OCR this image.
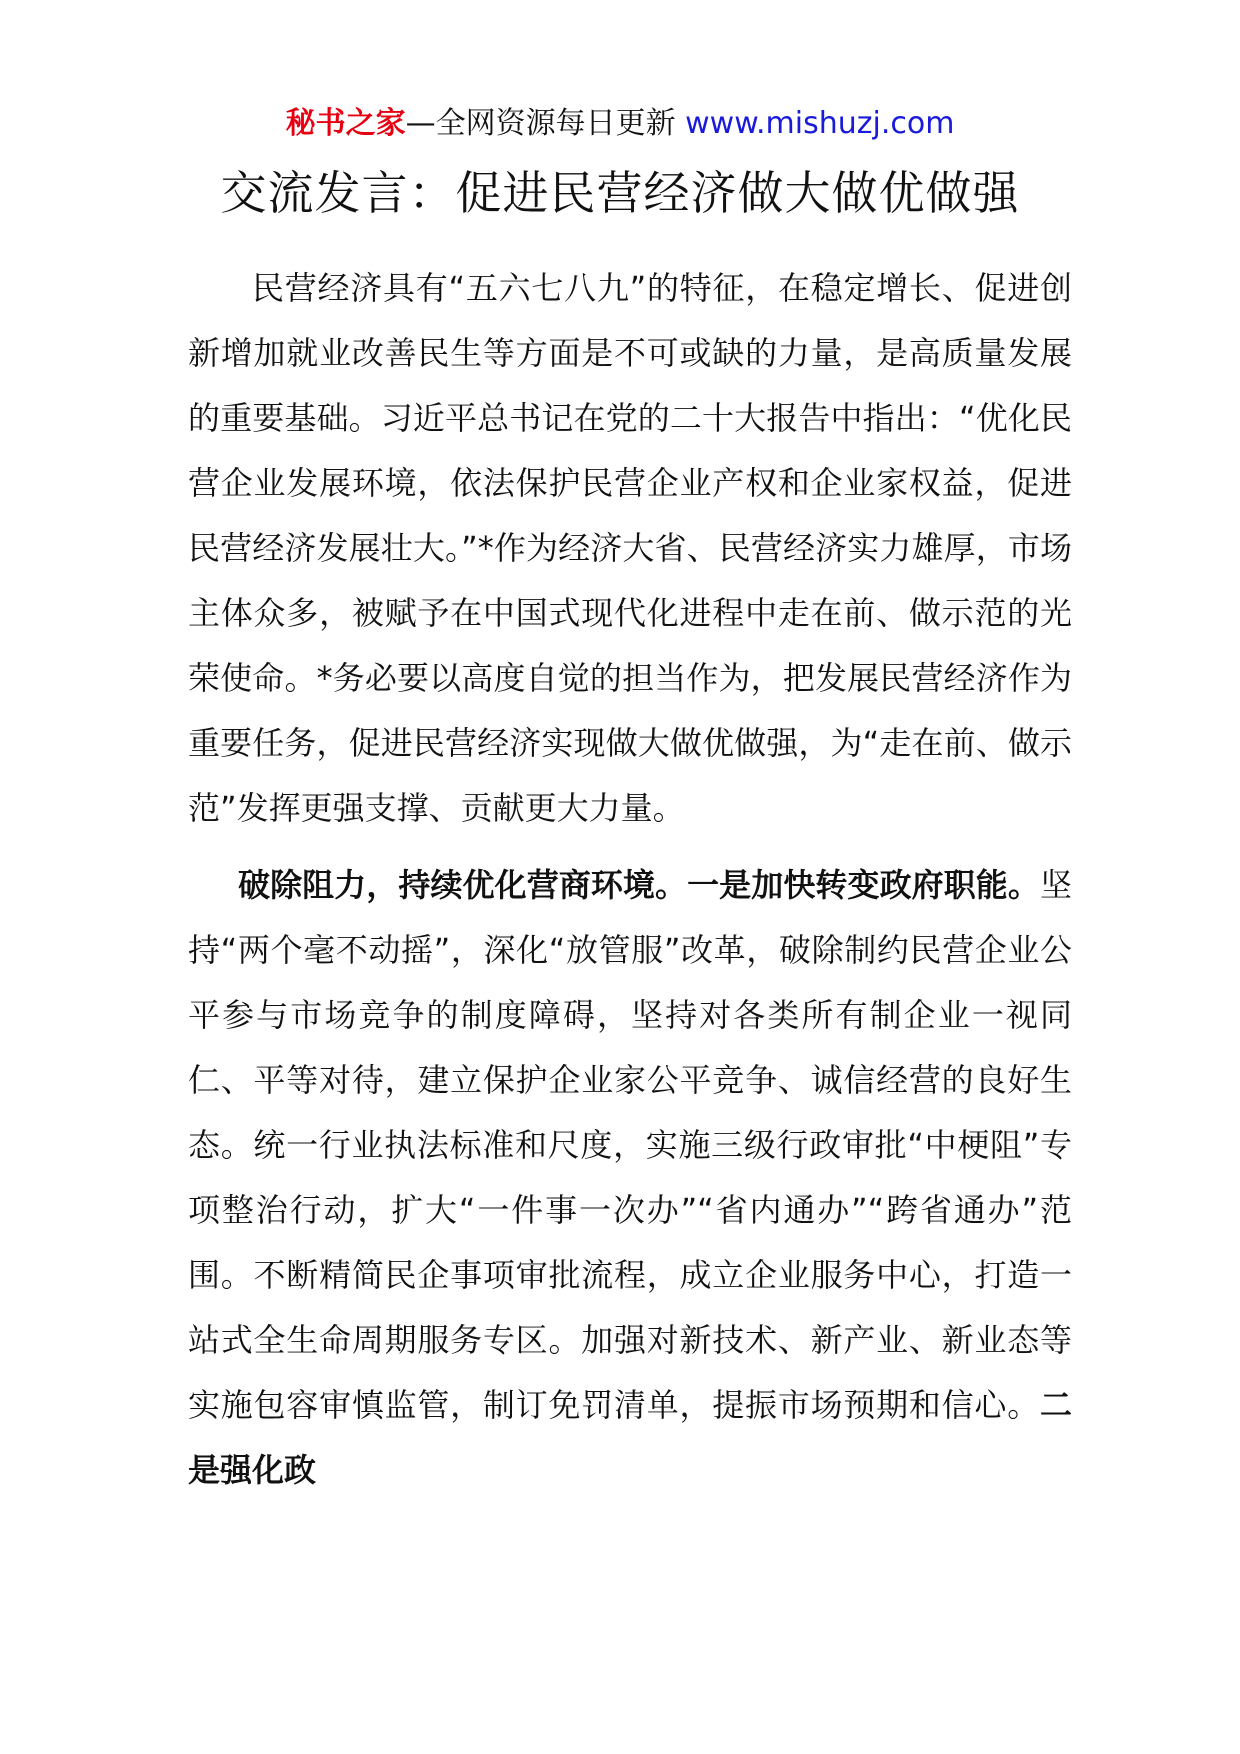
秘书之家—全网资源每日更新 www.mishuzj.com
交流发言：促进民营经济做大做优做强

民营经济具有“五六七八九”的特征，在稳定增长、促进创新增加就业改善民生等方面是不可或缺的力量，是高质量发展的重要基础。习近平总书记在党的二十大报告中指出：“优化民营企业发展环境，依法保护民营企业产权和企业家权益，促进民营经济发展壮大。”*作为经济大省、民营经济实力雄厚，市场主体众多，被赋予在中国式现代化进程中走在前、做示范的光荣使命。*务必要以高度自觉的担当作为，把发展民营经济作为重要任务，促进民营经济实现做大做优做强，为“走在前、做示范”发挥更强支撑、贡献更大力量。

破除阻力，持续优化营商环境。一是加快转变政府职能。坚持“两个毫不动摇”，深化“放管服”改革，破除制约民营企业公平参与市场竞争的制度障碍，坚持对各类所有制企业一视同仁、平等对待，建立保护企业家公平竞争、诚信经营的良好生态。统一行业执法标准和尺度，实施三级行政审批“中梗阻”专项整治行动，扩大“一件事一次办”“省内通办”“跨省通办”范围。不断精简民企事项审批流程，成立企业服务中心，打造一站式全生命周期服务专区。加强对新技术、新产业、新业态等实施包容审慎监管，制订免罚清单，提振市场预期和信心。二是强化政
